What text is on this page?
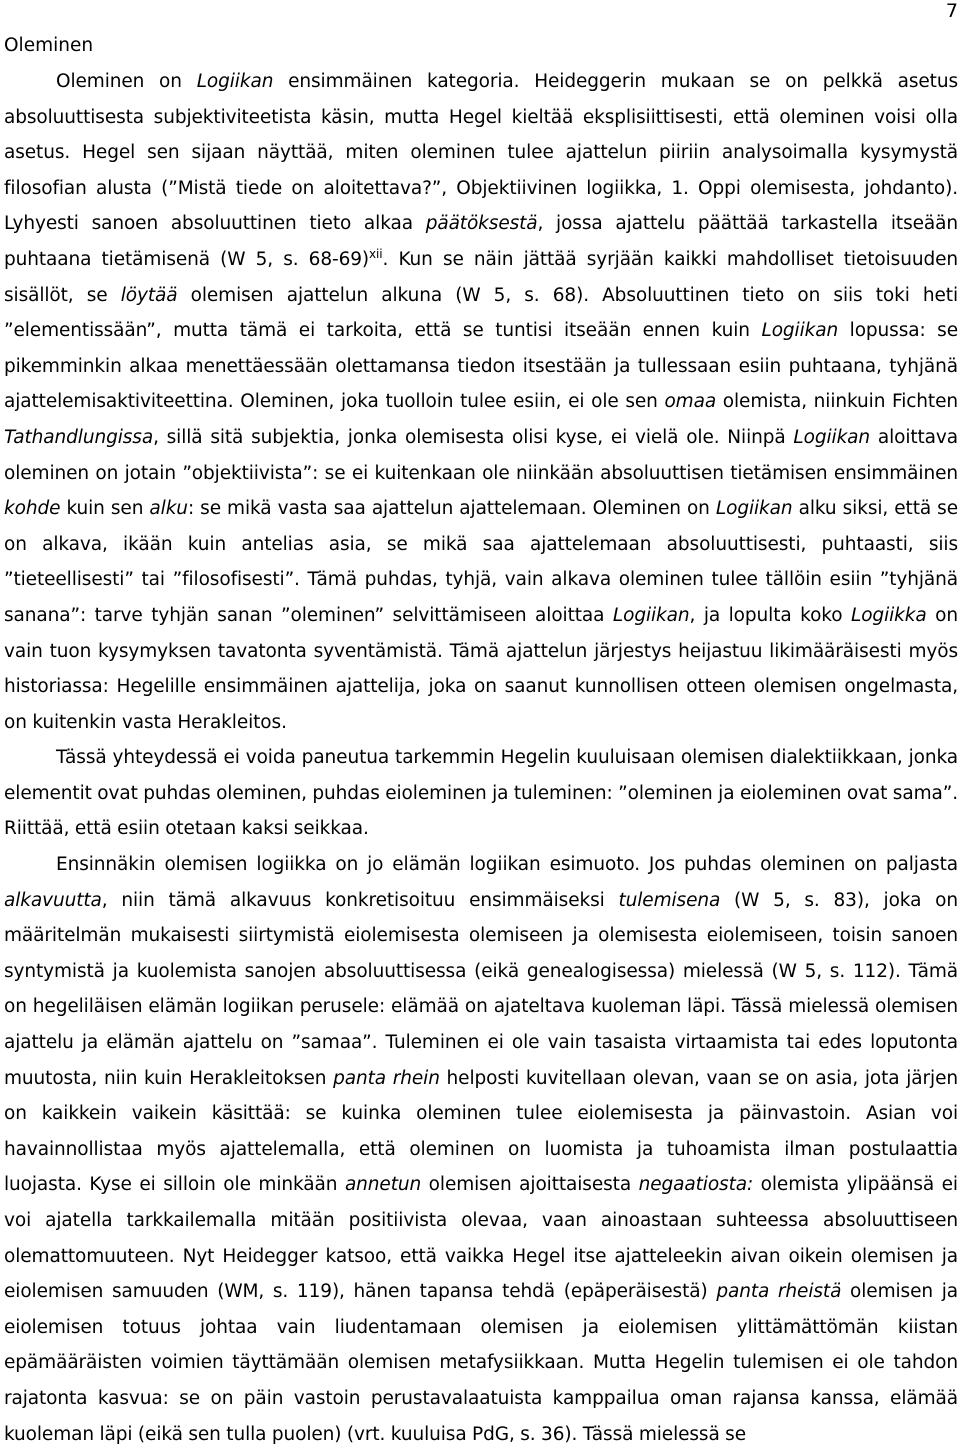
7
Oleminen

Oleminen on Logiikan ensimmäinen kategoria. Heideggerin mukaan se on pelkkä asetus absoluuttisesta subjektiviteetista käsin, mutta Hegel kieltää eksplisiittisesti, että oleminen voisi olla asetus. Hegel sen sijaan näyttää, miten oleminen tulee ajattelun piiriin analysoimalla kysymystä filosofian alusta (”Mistä tiede on aloitettava?”, Objektiivinen logiikka, 1. Oppi olemisesta, johdanto). Lyhyesti sanoen absoluuttinen tieto alkaa päätöksestä, jossa ajattelu päättää tarkastella itseään puhtaana tietämisenä (W 5, s. 68-69)$^{xii}$. Kun se näin jättää syrjään kaikki mahdolliset tietoisuuden sisällöt, se löytää olemisen ajattelun alkuna (W 5, s. 68). Absoluuttinen tieto on siis toki heti ”elementissään”, mutta tämä ei tarkoita, että se tuntisi itseään ennen kuin Logiikan lopussa: se pikemminkin alkaa menettäessään olettamansa tiedon itsestään ja tullessaan esiin puhtaana, tyhjänä ajattelemisaktiviteettina. Oleminen, joka tuolloin tulee esiin, ei ole sen omaa olemista, niinkuin Fichten Tathandlungissa, sillä sitä subjektia, jonka olemisesta olisi kyse, ei vielä ole. Niinpä Logiikan aloittava oleminen on jotain ”objektiivista”: se ei kuitenkaan ole niinkään absoluuttisen tietämisen ensimmäinen kohde kuin sen alku: se mikä vasta saa ajattelun ajattelemaan. Oleminen on Logiikan alku siksi, että se on alkava, ikään kuin antelias asia, se mikä saa ajattelemaan absoluuttisesti, puhtaasti, siis ”tieteellisesti” tai ”filosofisesti”. Tämä puhdas, tyhjä, vain alkava oleminen tulee tällöin esiin ”tyhjänä sanana”: tarve tyhjän sanan ”oleminen” selvittämiseen aloittaa Logiikan, ja lopulta koko Logiikka on vain tuon kysymyksen tavatonta syventämistä. Tämä ajattelun järjestys heijastuu likimääräisesti myös historiassa: Hegelille ensimmäinen ajattelija, joka on saanut kunnollisen otteen olemisen ongelmasta, on kuitenkin vasta Herakleitos.

Tässä yhteydessä ei voida paneutua tarkemmin Hegelin kuuluisaan olemisen dialektiikkaan, jonka elementit ovat puhdas oleminen, puhdas eioleminen ja tuleminen: ”oleminen ja eioleminen ovat sama”. Riittää, että esiin otetaan kaksi seikkaa.

Ensinnäkin olemisen logiikka on jo elämän logiikan esimuoto. Jos puhdas oleminen on paljasta alkavuutta, niin tämä alkavuus konkretisoituu ensimmäiseksi tulemisena (W 5, s. 83), joka on määritelmän mukaisesti siirtymistä eiolemisesta olemiseen ja olemisesta eiolemiseen, toisin sanoen syntymistä ja kuolemista sanojen absoluuttisessa (eikä genealogisessa) mielessä (W 5, s. 112). Tämä on hegeliläisen elämän logiikan perusele: elämää on ajateltava kuoleman läpi. Tässä mielessä olemisen ajattelu ja elämän ajattelu on ”samaa”. Tuleminen ei ole vain tasaista virtaamista tai edes loputonta muutosta, niin kuin Herakleitoksen panta rhein helposti kuvitellaan olevan, vaan se on asia, jota järjen on kaikkein vaikein käsittää: se kuinka oleminen tulee eiolemisesta ja päinvastoin. Asian voi havainnollistaa myös ajattelemalla, että oleminen on luomista ja tuhoamista ilman postulaattia luojasta. Kyse ei silloin ole minkään annetun olemisen ajoittaisesta negaatiosta: olemista ylipäänsä ei voi ajatella tarkkailemalla mitään positiivista olevaa, vaan ainoastaan suhteessa absoluuttiseen olemattomuuteen. Nyt Heidegger katsoo, että vaikka Hegel itse ajatteleekin aivan oikein olemisen ja eiolemisen samuuden (WM, s. 119), hänen tapansa tehdä (epäperäisestä) panta rheistä olemisen ja eiolemisen totuus johtaa vain liudentamaan olemisen ja eiolemisen ylittämättömän kiistan epämääräisten voimien täyttämään olemisen metafysiikkaan. Mutta Hegelin tulemisen ei ole tahdon rajatonta kasvua: se on päin vastoin perustavalaatuista kamppailua oman rajansa kanssa, elämää kuoleman läpi (eikä sen tulla puolen) (vrt. kuuluisa PdG, s. 36). Tässä mielessä se
